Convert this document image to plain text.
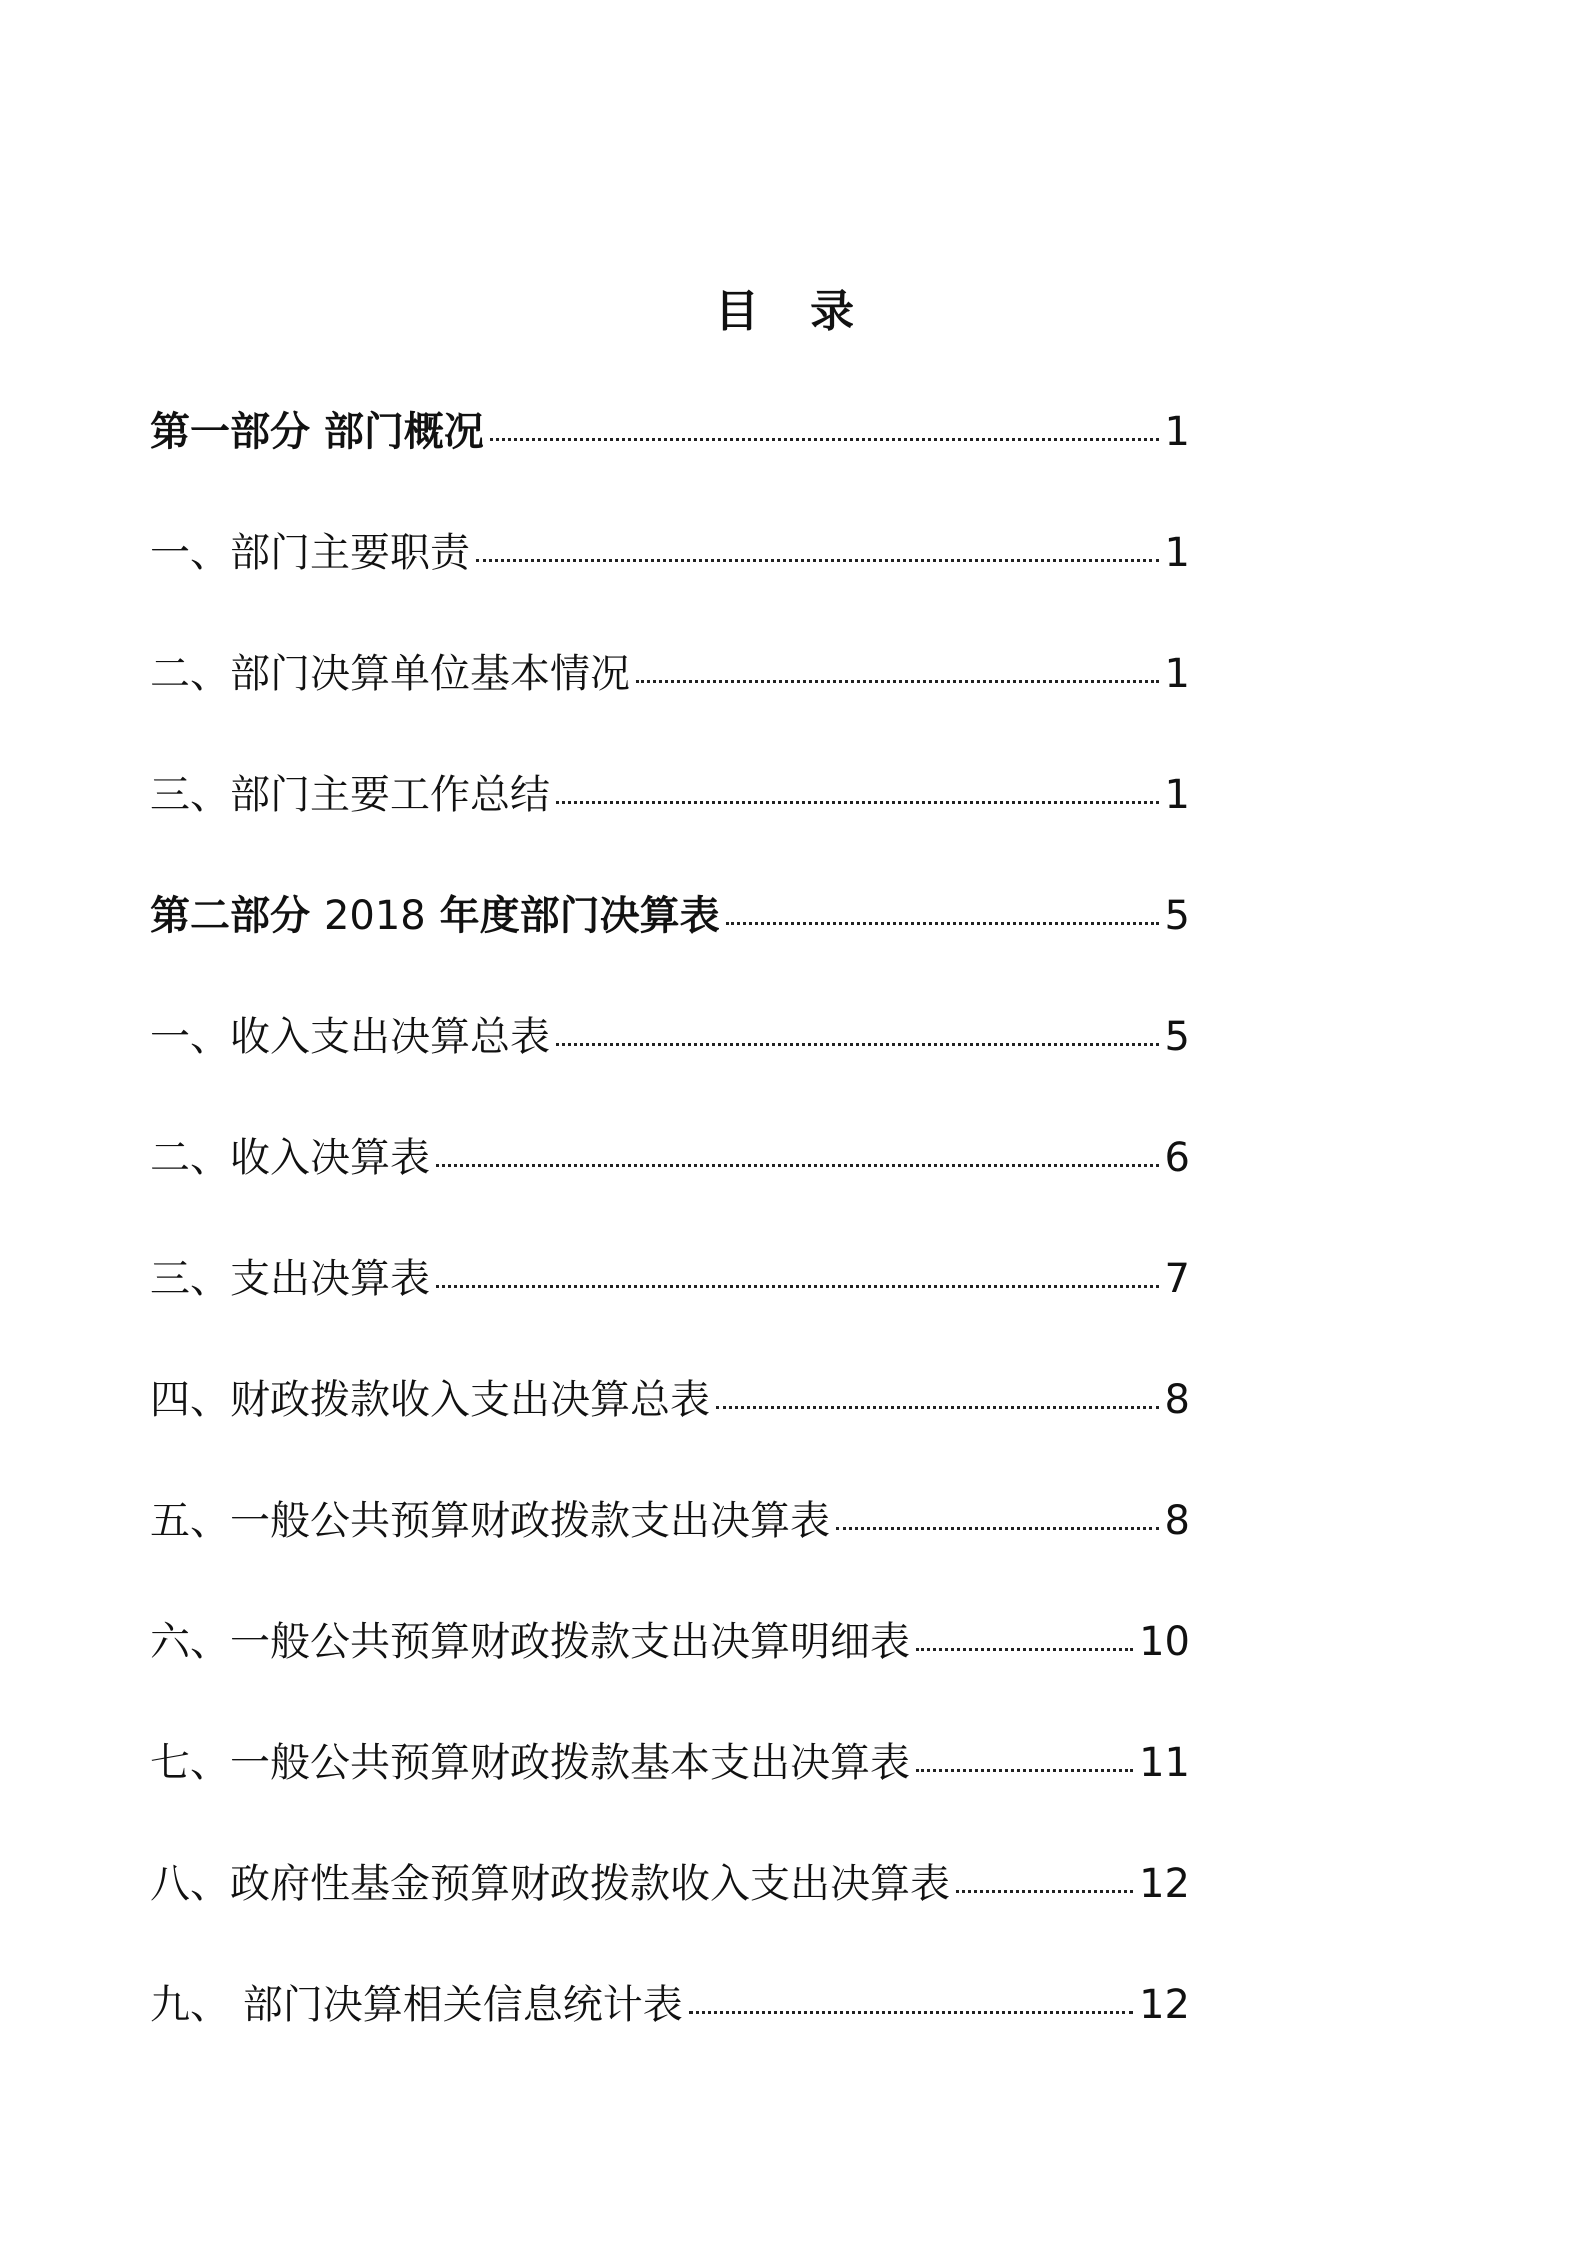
目 录
第一部分 部门概况	1
一、部门主要职责	1
二、部门决算单位基本情况	1
三、部门主要工作总结	1
第二部分 2018 年度部门决算表	5
一、收入支出决算总表	5
二、收入决算表	6
三、支出决算表	7
四、财政拨款收入支出决算总表	8
五、一般公共预算财政拨款支出决算表	8
六、一般公共预算财政拨款支出决算明细表	10
七、一般公共预算财政拨款基本支出决算表	11
八、政府性基金预算财政拨款收入支出决算表	12
九、 部门决算相关信息统计表	12
